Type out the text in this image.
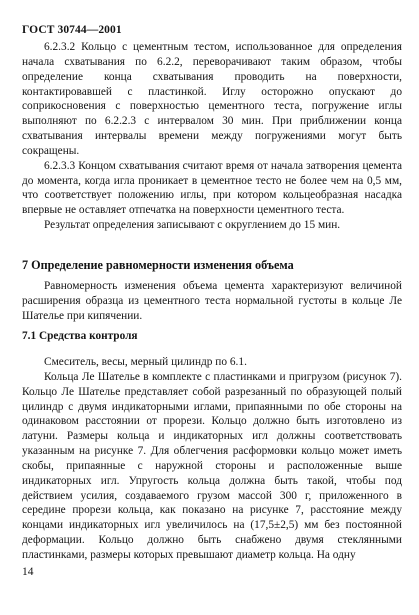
ГОСТ 30744—2001

6.2.3.2 Кольцо с цементным тестом, использованное для определения начала схватывания по 6.2.2, переворачивают таким образом, чтобы определение конца схватывания проводить на поверхности, контактировавшей с пластинкой. Иглу осторожно опускают до соприкосновения с поверхностью цементного теста, погружение иглы выполняют по 6.2.2.3 с интервалом 30 мин. При приближении конца схватывания интервалы времени между погружениями могут быть сокращены.

6.2.3.3 Концом схватывания считают время от начала затворения цемента до момента, когда игла проникает в цементное тесто не более чем на 0,5 мм, что соответствует положению иглы, при котором кольцеобразная насадка впервые не оставляет отпечатка на поверхности цементного теста.

Результат определения записывают с округлением до 15 мин.

7 Определение равномерности изменения объема

Равномерность изменения объема цемента характеризуют величиной расширения образца из цементного теста нормальной густоты в кольце Ле Шателье при кипячении.

7.1 Средства контроля

Смеситель, весы, мерный цилиндр по 6.1.

Кольца Ле Шателье в комплекте с пластинками и пригрузом (рисунок 7). Кольцо Ле Шателье представляет собой разрезанный по образующей полый цилиндр с двумя индикаторными иглами, припаянными по обе стороны на одинаковом расстоянии от прорези. Кольцо должно быть изготовлено из латуни. Размеры кольца и индикаторных игл должны соответствовать указанным на рисунке 7. Для облегчения расформовки кольцо может иметь скобы, припаянные с наружной стороны и расположенные выше индикаторных игл. Упругость кольца должна быть такой, чтобы под действием усилия, создаваемого грузом массой 300 г, приложенного в середине прорези кольца, как показано на рисунке 7, расстояние между концами индикаторных игл увеличилось на (17,5±2,5) мм без постоянной деформации. Кольцо должно быть снабжено двумя стеклянными пластинками, размеры которых превышают диаметр кольца. На одну

14
